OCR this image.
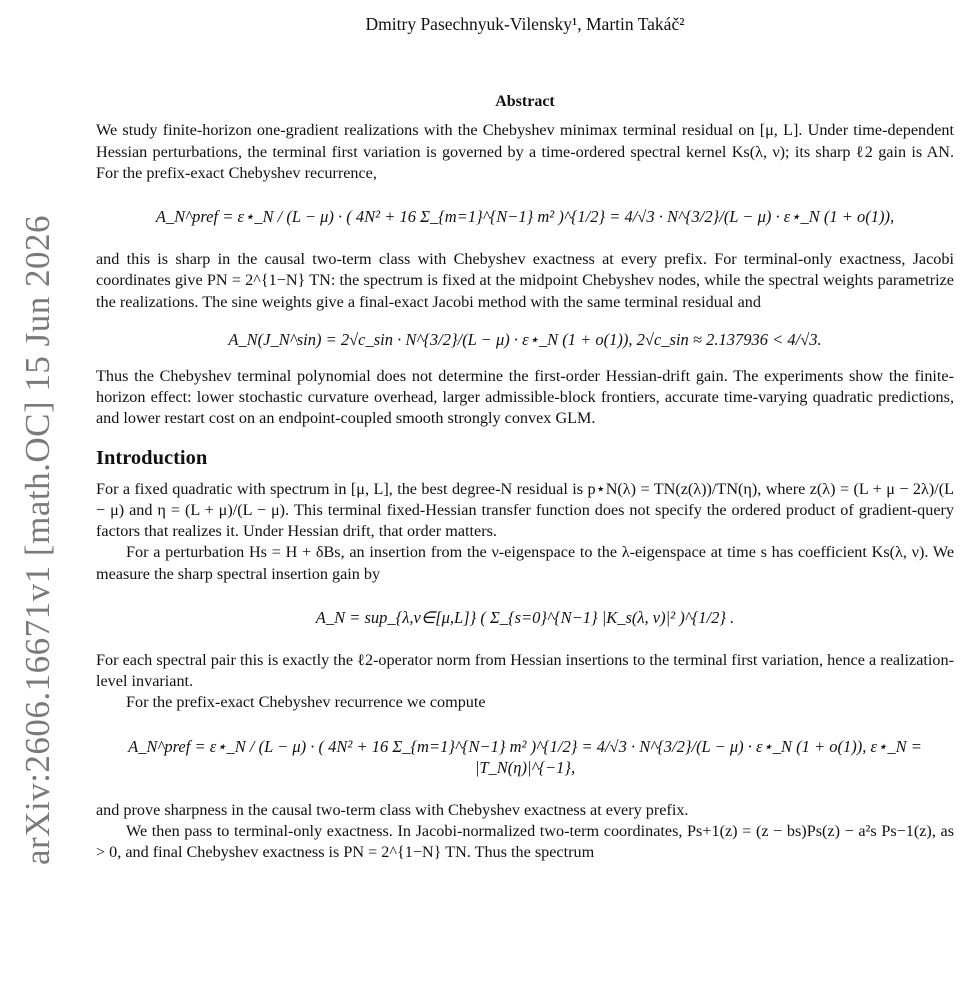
arXiv:2606.16671v1 [math.OC] 15 Jun 2026
Dmitry Pasechnyuk-Vilensky¹, Martin Takáč²
Abstract

We study finite-horizon one-gradient realizations with the Chebyshev minimax terminal residual on [μ, L]. Under time-dependent Hessian perturbations, the terminal first variation is governed by a time-ordered spectral kernel Ks(λ, ν); its sharp ℓ2 gain is AN. For the prefix-exact Chebyshev recurrence,

A_N^pref = ε⋆_N / (L − μ) · ( 4N² + 16 Σ_{m=1}^{N−1} m² )^{1/2} = 4/√3 · N^{3/2}/(L − μ) · ε⋆_N (1 + o(1)),

and this is sharp in the causal two-term class with Chebyshev exactness at every prefix. For terminal-only exactness, Jacobi coordinates give PN = 2^{1−N} TN: the spectrum is fixed at the midpoint Chebyshev nodes, while the spectral weights parametrize the realizations. The sine weights give a final-exact Jacobi method with the same terminal residual and

A_N(J_N^sin) = 2√c_sin · N^{3/2}/(L − μ) · ε⋆_N (1 + o(1)), 2√c_sin ≈ 2.137936 < 4/√3.

Thus the Chebyshev terminal polynomial does not determine the first-order Hessian-drift gain. The experiments show the finite-horizon effect: lower stochastic curvature overhead, larger admissible-block frontiers, accurate time-varying quadratic predictions, and lower restart cost on an endpoint-coupled smooth strongly convex GLM.

Introduction

For a fixed quadratic with spectrum in [μ, L], the best degree-N residual is p⋆N(λ) = TN(z(λ))/TN(η), where z(λ) = (L + μ − 2λ)/(L − μ) and η = (L + μ)/(L − μ). This terminal fixed-Hessian transfer function does not specify the ordered product of gradient-query factors that realizes it. Under Hessian drift, that order matters.

For a perturbation Hs = H + δBs, an insertion from the ν-eigenspace to the λ-eigenspace at time s has coefficient Ks(λ, ν). We measure the sharp spectral insertion gain by

A_N = sup_{λ,ν∈[μ,L]} ( Σ_{s=0}^{N−1} |K_s(λ, ν)|² )^{1/2} .

For each spectral pair this is exactly the ℓ2-operator norm from Hessian insertions to the terminal first variation, hence a realization-level invariant.

For the prefix-exact Chebyshev recurrence we compute

A_N^pref = ε⋆_N / (L − μ) · ( 4N² + 16 Σ_{m=1}^{N−1} m² )^{1/2} = 4/√3 · N^{3/2}/(L − μ) · ε⋆_N (1 + o(1)), ε⋆_N = |T_N(η)|^{−1},

and prove sharpness in the causal two-term class with Chebyshev exactness at every prefix.

We then pass to terminal-only exactness. In Jacobi-normalized two-term coordinates, Ps+1(z) = (z − bs)Ps(z) − a²s Ps−1(z), as > 0, and final Chebyshev exactness is PN = 2^{1−N} TN. Thus the spectrum
